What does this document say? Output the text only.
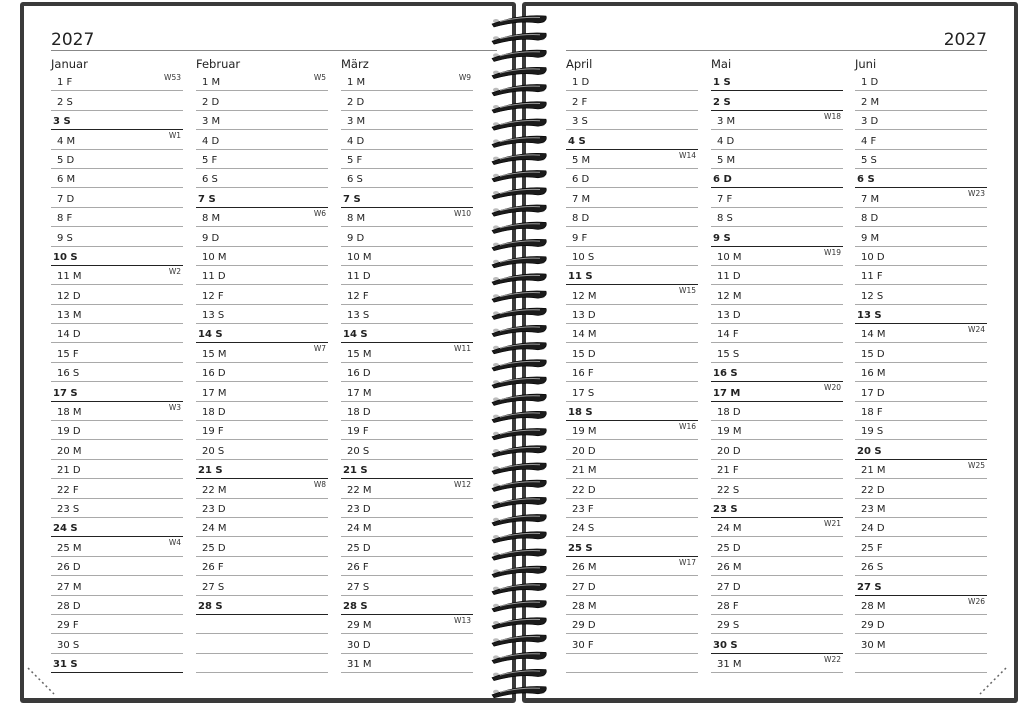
2027
Januar
1 F	W53
2 S
3 S
4 M	W1
5 D
6 M
7 D
8 F
9 S
10 S
11 M	W2
12 D
13 M
14 D
15 F
16 S
17 S
18 M	W3
19 D
20 M
21 D
22 F
23 S
24 S
25 M	W4
26 D
27 M
28 D
29 F
30 S
31 S
Februar
1 M	W5
2 D
3 M
4 D
5 F
6 S
7 S
8 M	W6
9 D
10 M
11 D
12 F
13 S
14 S
15 M	W7
16 D
17 M
18 D
19 F
20 S
21 S
22 M	W8
23 D
24 M
25 D
26 F
27 S
28 S
März
1 M	W9
2 D
3 M
4 D
5 F
6 S
7 S
8 M	W10
9 D
10 M
11 D
12 F
13 S
14 S
15 M	W11
16 D
17 M
18 D
19 F
20 S
21 S
22 M	W12
23 D
24 M
25 D
26 F
27 S
28 S
29 M	W13
30 D
31 M
2027
April
1 D
2 F
3 S
4 S
5 M	W14
6 D
7 M
8 D
9 F
10 S
11 S
12 M	W15
13 D
14 M
15 D
16 F
17 S
18 S
19 M	W16
20 D
21 M
22 D
23 F
24 S
25 S
26 M	W17
27 D
28 M
29 D
30 F
Mai
1 S
2 S
3 M	W18
4 D
5 M
6 D
7 F
8 S
9 S
10 M	W19
11 D
12 M
13 D
14 F
15 S
16 S
17 M	W20
18 D
19 M
20 D
21 F
22 S
23 S
24 M	W21
25 D
26 M
27 D
28 F
29 S
30 S
31 M	W22
Juni
1 D
2 M
3 D
4 F
5 S
6 S
7 M	W23
8 D
9 M
10 D
11 F
12 S
13 S
14 M	W24
15 D
16 M
17 D
18 F
19 S
20 S
21 M	W25
22 D
23 M
24 D
25 F
26 S
27 S
28 M	W26
29 D
30 M
